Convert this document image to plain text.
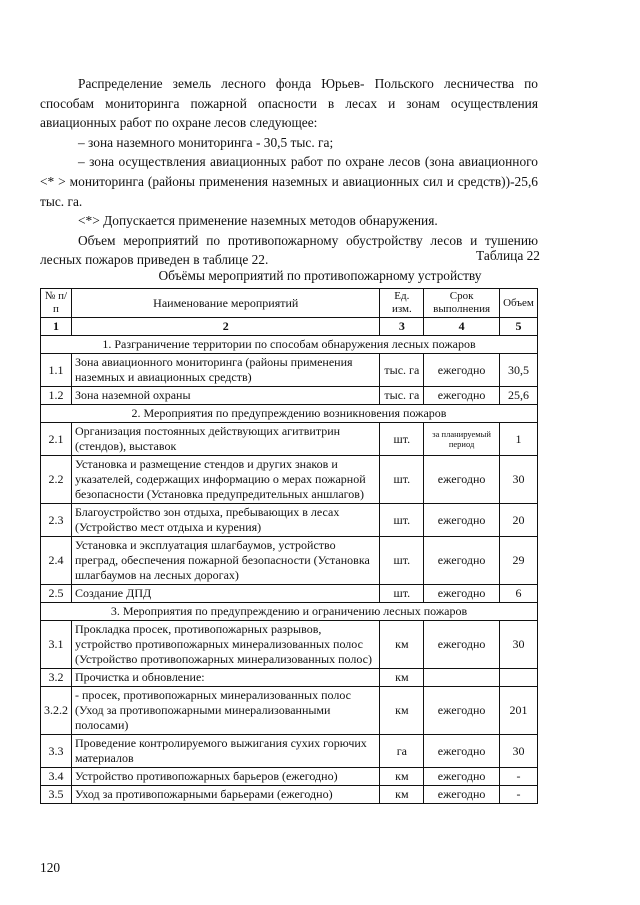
Распределение земель лесного фонда Юрьев- Польского лесничества по способам мониторинга пожарной опасности в лесах и зонам осуществления авиационных работ по охране лесов следующее:

– зона наземного мониторинга - 30,5 тыс. га;

– зона осуществления авиационных работ по охране лесов (зона авиационного <* > мониторинга (районы применения наземных и авиационных сил и средств))-25,6 тыс. га.

<*> Допускается применение наземных методов обнаружения.

Объем мероприятий по противопожарному обустройству лесов и тушению лесных пожаров приведен в таблице 22.	Таблица 22
Объёмы мероприятий по противопожарному устройству
№ п/п	Наименование мероприятий	Ед. изм.	Срок выполнения	Объем
1	2	3	4	5
1. Разграничение территории по способам обнаружения лесных пожаров				
1.1	Зона авиационного мониторинга (районы применения наземных и авиационных средств)	тыс. га	ежегодно	30,5
1.2	Зона наземной охраны	тыс. га	ежегодно	25,6
2. Мероприятия по предупреждению возникновения пожаров				
2.1	Организация постоянных действующих агитвитрин (стендов), выставок	шт.	за планируемый период	1
2.2	Установка и размещение стендов и других знаков и указателей, содержащих информацию о мерах пожарной безопасности (Установка предупредительных аншлагов)	шт.	ежегодно	30
2.3	Благоустройство зон отдыха, пребывающих в лесах (Устройство мест отдыха и курения)	шт.	ежегодно	20
2.4	Установка и эксплуатация шлагбаумов, устройство преград, обеспечения пожарной безопасности (Установка шлагбаумов на лесных дорогах)	шт.	ежегодно	29
2.5	Создание ДПД	шт.	ежегодно	6
3. Мероприятия по предупреждению и ограничению лесных пожаров				
3.1	Прокладка просек, противопожарных разрывов, устройство противопожарных минерализованных полос (Устройство противопожарных минерализованных полос)	км	ежегодно	30
3.2	Прочистка и обновление:	км		
3.2.2	- просек, противопожарных минерализованных полос (Уход за противопожарными минерализованными полосами)	км	ежегодно	201
3.3	Проведение контролируемого выжигания сухих горючих материалов	га	ежегодно	30
3.4	Устройство противопожарных барьеров (ежегодно)	км	ежегодно	-
3.5	Уход за противопожарными барьерами (ежегодно)	км	ежегодно	-
120
